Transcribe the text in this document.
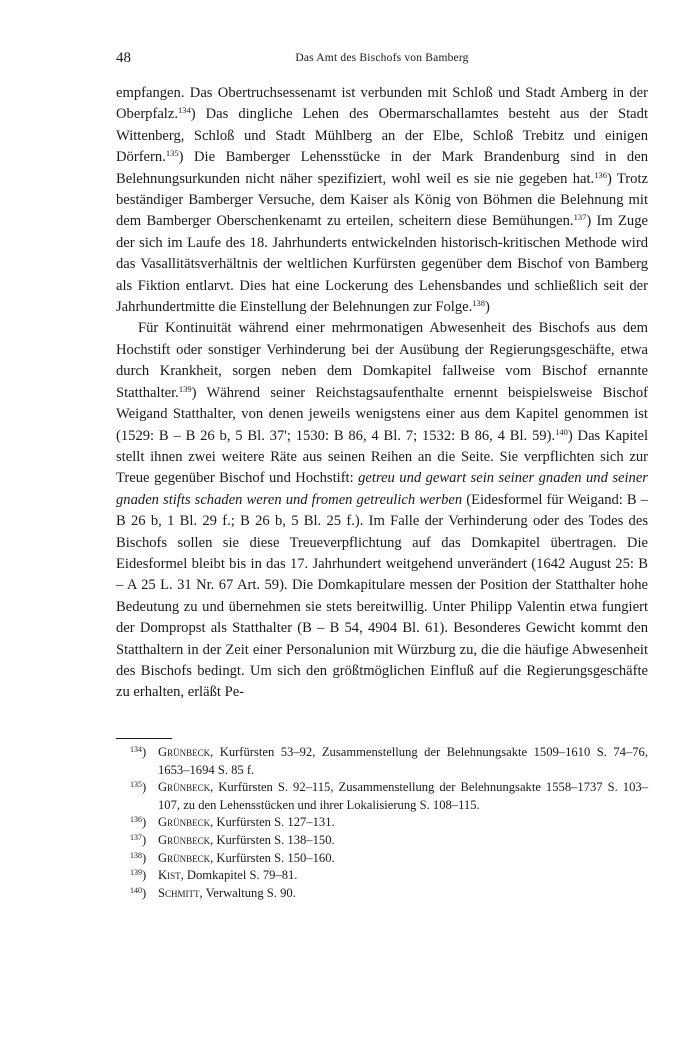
48	Das Amt des Bischofs von Bamberg

empfangen. Das Obertruchsessenamt ist verbunden mit Schloß und Stadt Amberg in der Oberpfalz.$^{134}$) Das dingliche Lehen des Obermarschallamtes besteht aus der Stadt Wittenberg, Schloß und Stadt Mühlberg an der Elbe, Schloß Trebitz und einigen Dörfern.$^{135}$) Die Bamberger Lehensstücke in der Mark Brandenburg sind in den Belehnungsurkunden nicht näher spezifiziert, wohl weil es sie nie gegeben hat.$^{136}$) Trotz beständiger Bamberger Versuche, dem Kaiser als König von Böhmen die Belehnung mit dem Bamberger Oberschenkenamt zu erteilen, scheitern diese Bemühungen.$^{137}$) Im Zuge der sich im Laufe des 18. Jahrhunderts entwickelnden historisch-kritischen Methode wird das Vasallitätsverhältnis der weltlichen Kurfürsten gegenüber dem Bischof von Bamberg als Fiktion entlarvt. Dies hat eine Lockerung des Lehensbandes und schließlich seit der Jahrhundertmitte die Einstellung der Belehnungen zur Folge.$^{138}$)

Für Kontinuität während einer mehrmonatigen Abwesenheit des Bischofs aus dem Hochstift oder sonstiger Verhinderung bei der Ausübung der Regierungsgeschäfte, etwa durch Krankheit, sorgen neben dem Domkapitel fallweise vom Bischof ernannte Statthalter.$^{139}$) Während seiner Reichstagsaufenthalte ernennt beispielsweise Bischof Weigand Statthalter, von denen jeweils wenigstens einer aus dem Kapitel genommen ist (1529: B – B 26 b, 5 Bl. 37'; 1530: B 86, 4 Bl. 7; 1532: B 86, 4 Bl. 59).$^{140}$) Das Kapitel stellt ihnen zwei weitere Räte aus seinen Reihen an die Seite. Sie verpflichten sich zur Treue gegenüber Bischof und Hochstift: getreu und gewart sein seiner gnaden und seiner gnaden stifts schaden weren und fromen getreulich werben (Eidesformel für Weigand: B – B 26 b, 1 Bl. 29 f.; B 26 b, 5 Bl. 25 f.). Im Falle der Verhinderung oder des Todes des Bischofs sollen sie diese Treueverpflichtung auf das Domkapitel übertragen. Die Eidesformel bleibt bis in das 17. Jahrhundert weitgehend unverändert (1642 August 25: B – A 25 L. 31 Nr. 67 Art. 59). Die Domkapitulare messen der Position der Statthalter hohe Bedeutung zu und übernehmen sie stets bereitwillig. Unter Philipp Valentin etwa fungiert der Dompropst als Statthalter (B – B 54, 4904 Bl. 61). Besonderes Gewicht kommt den Statthaltern in der Zeit einer Personalunion mit Würzburg zu, die die häufige Abwesenheit des Bischofs bedingt. Um sich den größtmöglichen Einfluß auf die Regierungsgeschäfte zu erhalten, erläßt Pe-

$^{134}$) Grünbeck, Kurfürsten 53–92, Zusammenstellung der Belehnungsakte 1509–1610 S. 74–76, 1653–1694 S. 85 f.
$^{135}$) Grünbeck, Kurfürsten S. 92–115, Zusammenstellung der Belehnungsakte 1558–1737 S. 103–107, zu den Lehensstücken und ihrer Lokalisierung S. 108–115.
$^{136}$) Grünbeck, Kurfürsten S. 127–131.
$^{137}$) Grünbeck, Kurfürsten S. 138–150.
$^{138}$) Grünbeck, Kurfürsten S. 150–160.
$^{139}$) Kist, Domkapitel S. 79–81.
$^{140}$) Schmitt, Verwaltung S. 90.
